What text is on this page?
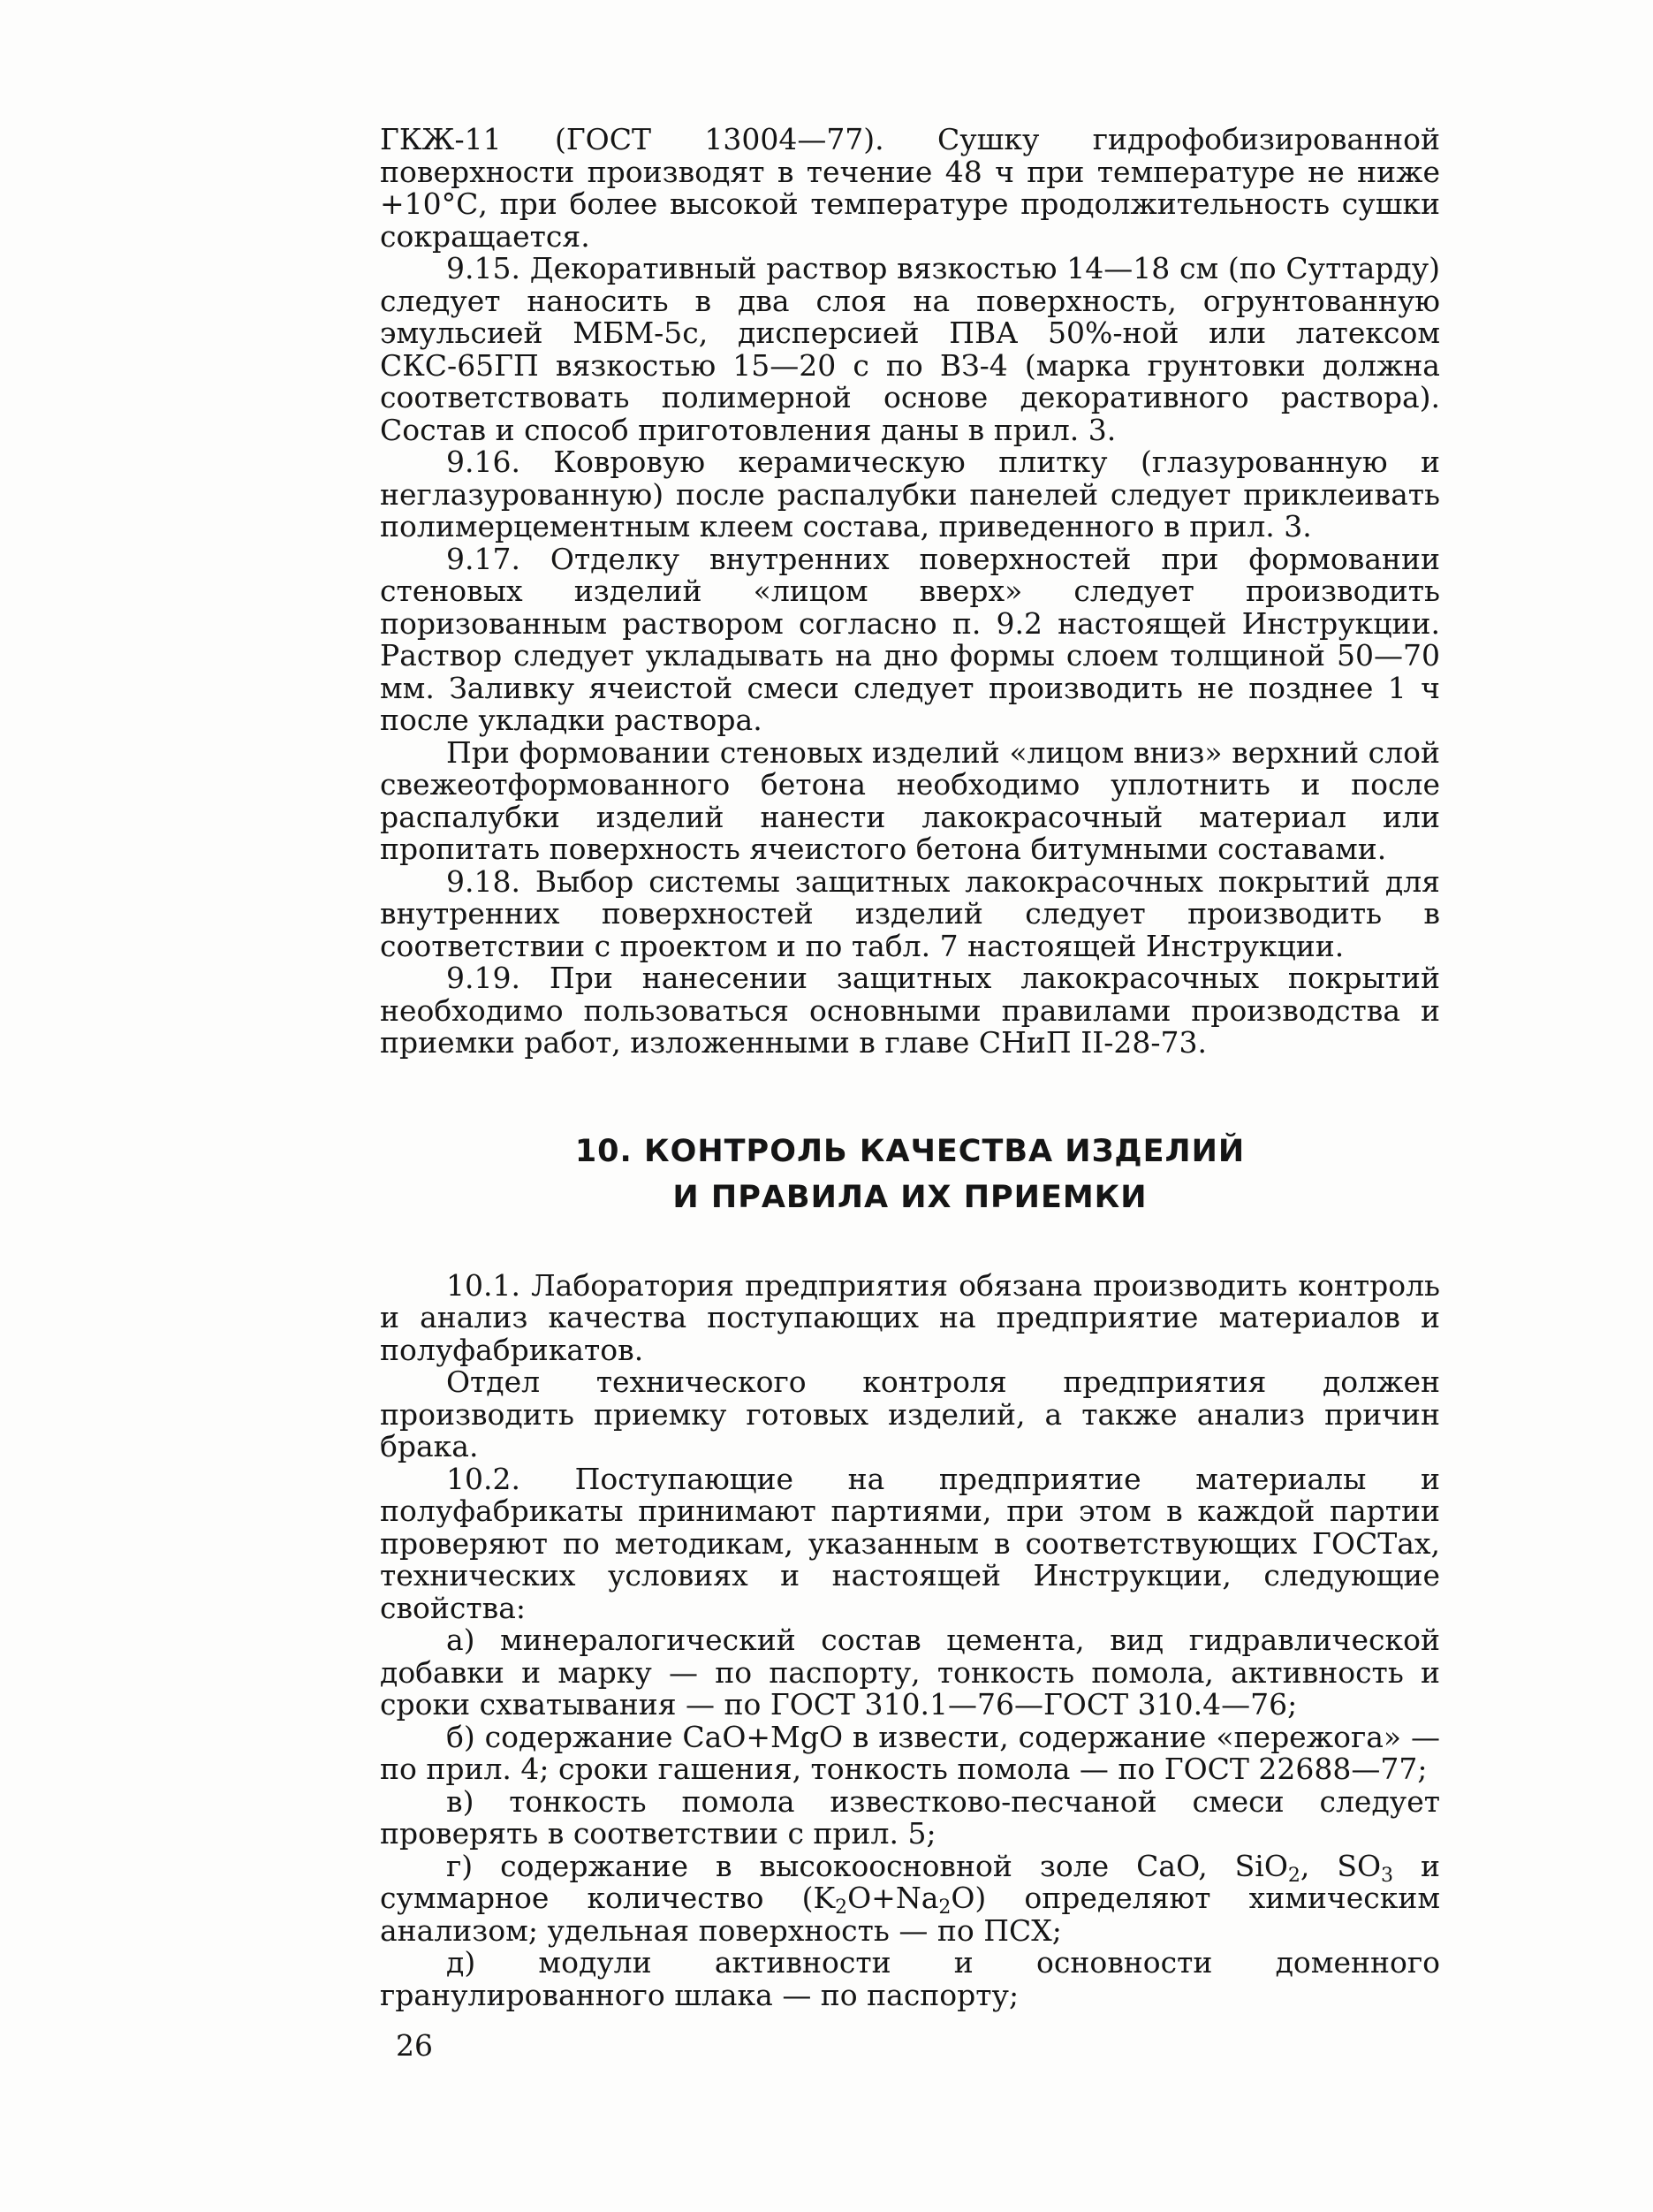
ГКЖ-11 (ГОСТ 13004—77). Сушку гидрофобизированной поверхности производят в течение 48 ч при температуре не ниже +10°С, при более высокой температуре продолжительность сушки сокращается.

9.15. Декоративный раствор вязкостью 14—18 см (по Суттарду) следует наносить в два слоя на поверхность, огрунтованную эмульсией МБМ-5с, дисперсией ПВА 50%-ной или латексом СКС-65ГП вязкостью 15—20 с по ВЗ-4 (марка грунтовки должна соответствовать полимерной основе декоративного раствора). Состав и способ приготовления даны в прил. 3.

9.16. Ковровую керамическую плитку (глазурованную и неглазурованную) после распалубки панелей следует приклеивать полимерцементным клеем состава, приведенного в прил. 3.

9.17. Отделку внутренних поверхностей при формовании стеновых изделий «лицом вверх» следует производить поризованным раствором согласно п. 9.2 настоящей Инструкции. Раствор следует укладывать на дно формы слоем толщиной 50—70 мм. Заливку ячеистой смеси следует производить не позднее 1 ч после укладки раствора.

При формовании стеновых изделий «лицом вниз» верхний слой свежеотформованного бетона необходимо уплотнить и после распалубки изделий нанести лакокрасочный материал или пропитать поверхность ячеистого бетона битумными составами.

9.18. Выбор системы защитных лакокрасочных покрытий для внутренних поверхностей изделий следует производить в соответствии с проектом и по табл. 7 настоящей Инструкции.

9.19. При нанесении защитных лакокрасочных покрытий необходимо пользоваться основными правилами производства и приемки работ, изложенными в главе СНиП II-28-73.

10. КОНТРОЛЬ КАЧЕСТВА ИЗДЕЛИЙ
И ПРАВИЛА ИХ ПРИЕМКИ

10.1. Лаборатория предприятия обязана производить контроль и анализ качества поступающих на предприятие материалов и полуфабрикатов.

Отдел технического контроля предприятия должен производить приемку готовых изделий, а также анализ причин брака.

10.2. Поступающие на предприятие материалы и полуфабрикаты принимают партиями, при этом в каждой партии проверяют по методикам, указанным в соответствующих ГОСТах, технических условиях и настоящей Инструкции, следующие свойства:

а) минералогический состав цемента, вид гидравлической добавки и марку — по паспорту, тонкость помола, активность и сроки схватывания — по ГОСТ 310.1—76—ГОСТ 310.4—76;

б) содержание CaO+MgO в извести, содержание «пережога» — по прил. 4; сроки гашения, тонкость помола — по ГОСТ 22688—77;

в) тонкость помола известково-песчаной смеси следует проверять в соответствии с прил. 5;

г) содержание в высокоосновной золе CaO, SiO$_2$, $SO_3$ и суммарное количество $(K_2O+Na_2O)$ определяют химическим анализом; удельная поверхность — по ПСХ;

д) модули активности и основности доменного гранулированного шлака — по паспорту;

26
